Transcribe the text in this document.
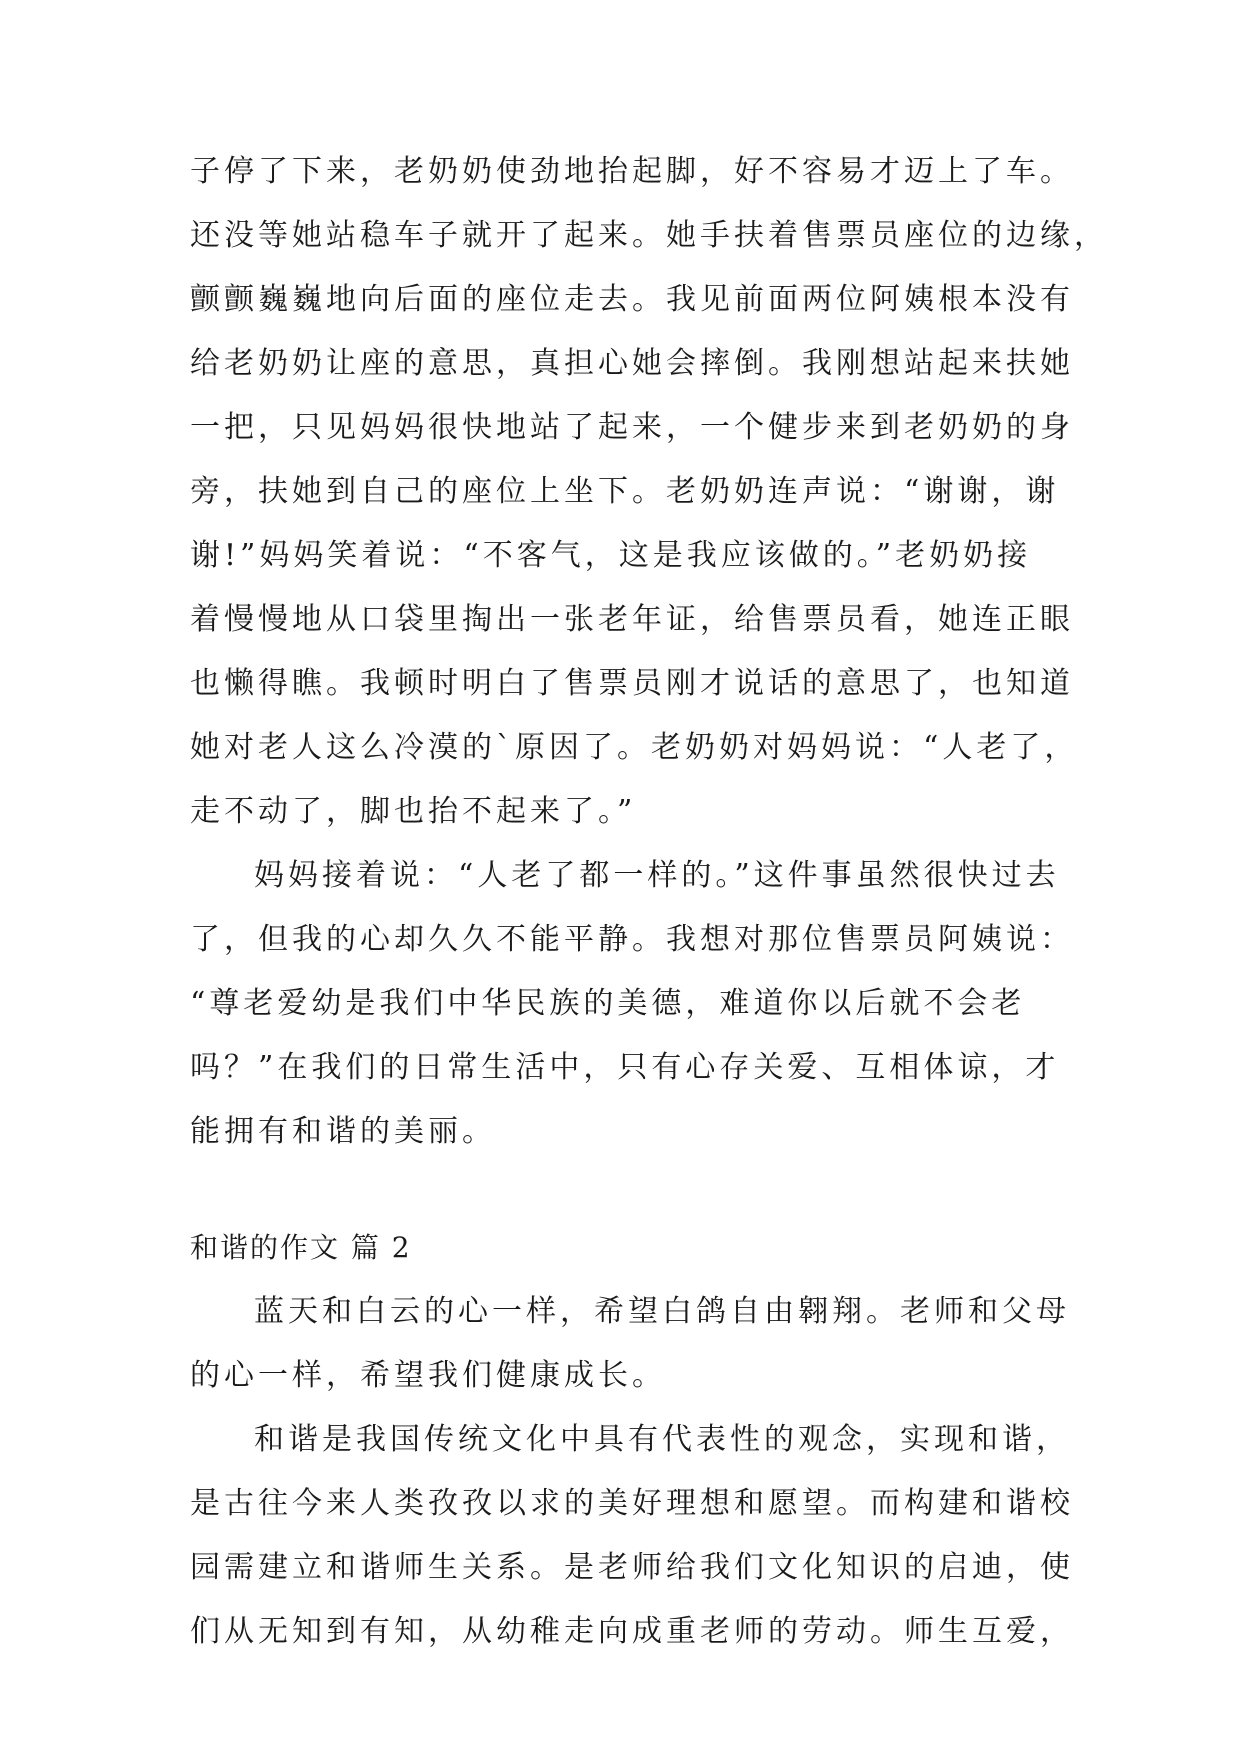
子停了下来，老奶奶使劲地抬起脚，好不容易才迈上了车。
还没等她站稳车子就开了起来。她手扶着售票员座位的边缘，
颤颤巍巍地向后面的座位走去。我见前面两位阿姨根本没有
给老奶奶让座的意思，真担心她会摔倒。我刚想站起来扶她
一把，只见妈妈很快地站了起来，一个健步来到老奶奶的身
旁，扶她到自己的座位上坐下。老奶奶连声说：“谢谢，谢
谢!”妈妈笑着说：“不客气，这是我应该做的。”老奶奶接
着慢慢地从口袋里掏出一张老年证，给售票员看，她连正眼
也懒得瞧。我顿时明白了售票员刚才说话的意思了，也知道
她对老人这么冷漠的`原因了。老奶奶对妈妈说：“人老了，
走不动了，脚也抬不起来了。”
妈妈接着说：“人老了都一样的。”这件事虽然很快过去
了，但我的心却久久不能平静。我想对那位售票员阿姨说：
“尊老爱幼是我们中华民族的美德，难道你以后就不会老
吗？”在我们的日常生活中，只有心存关爱、互相体谅，才
能拥有和谐的美丽。
和谐的作文 篇 2
蓝天和白云的心一样，希望白鸽自由翱翔。老师和父母
的心一样，希望我们健康成长。
和谐是我国传统文化中具有代表性的观念，实现和谐，
是古往今来人类孜孜以求的美好理想和愿望。而构建和谐校
园需建立和谐师生关系。是老师给我们文化知识的启迪，使
们从无知到有知，从幼稚走向成重老师的劳动。师生互爱，
